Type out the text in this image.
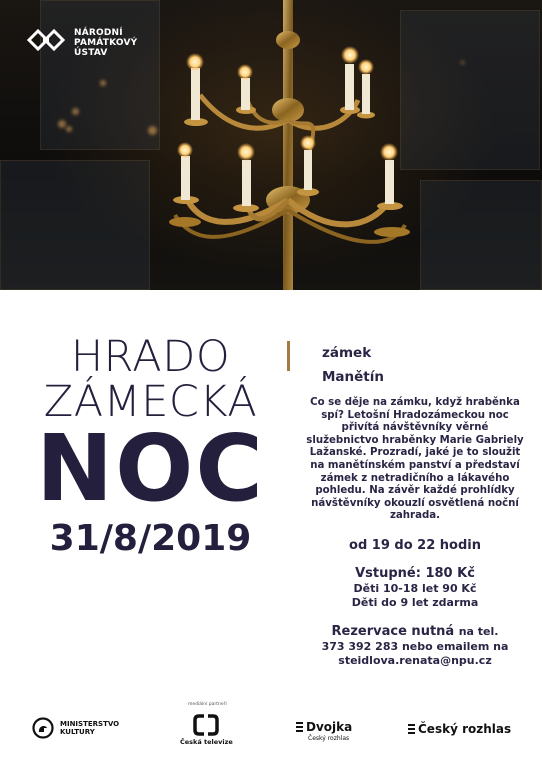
NÁRODNÍ
PAMÁTKOVÝ
ÚSTAV
HRADO
ZÁMECKÁ
NOC
31/8/2019
zámek
Manětín
Co se děje na zámku, když hraběnka spí? Letošní Hradozámeckou noc přivítá návštěvníky věrné služebnictvo hraběnky Marie Gabriely Lažanské. Prozradí, jaké je to sloužit na manětínském panství a představí zámek z netradičního a lákavého pohledu. Na závěr každé prohlídky návštěvníky okouzlí osvětlená noční zahrada.
od 19 do 22 hodin
Vstupné: 180 Kč
Děti 10-18 let 90 Kč
Děti do 9 let zdarma
Rezervace nutná na tel.
373 392 283 nebo emailem na
steidlova.renata@npu.cz
MINISTERSTVO
KULTURY
mediální partneři
Česká televize
Dvojka
Český rozhlas
Český rozhlas
